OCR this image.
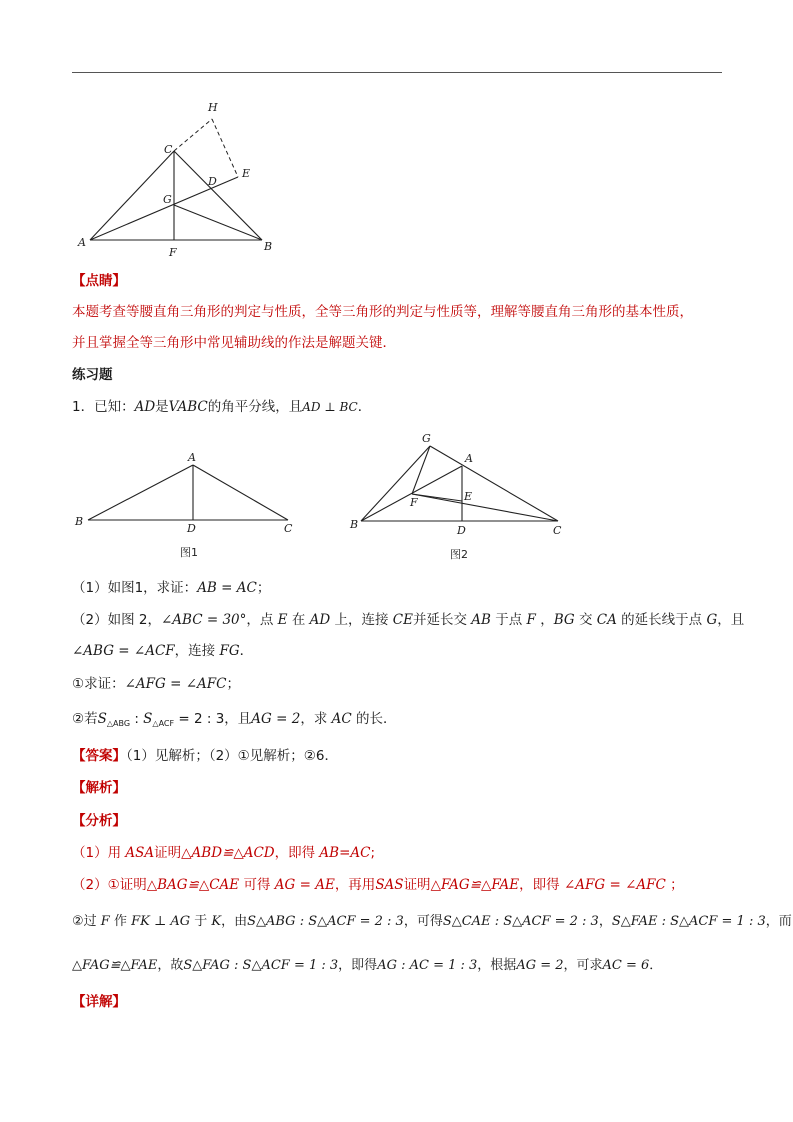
H
C
E
D
G
A
F	B
【点睛】
本题考查等腰直角三角形的判定与性质，全等三角形的判定与性质等，理解等腰直角三角形的基本性质，
并且掌握全等三角形中常见辅助线的作法是解题关键．
练习题
1．已知：AD是VABC的角平分线，且AD ⊥ BC．
A
B
C
D
图1
G
A
E
F
B	D	C
图2
（1）如图1，求证：AB = AC；
（2）如图 2，∠ABC = 30°，点 E 在 AD 上，连接 CE并延长交 AB 于点 F ，BG 交 CA 的延长线于点 G，且
∠ABG = ∠ACF，连接 FG．
①求证：∠AFG = ∠AFC；
②若$S_{\triangle ABG}$ : $S_{\triangle ACF} = 2$ : 3，且AG = 2，求 AC 的长．
【答案】（1）见解析；（2）①见解析；②6．
【解析】
【分析】
（1）用 ASA证明△ABD≌△ACD，即得 AB=AC;
（2）①证明△BAG≌△CAE 可得 AG = AE，再用SAS证明△FAG≌△FAE，即得 ∠AFG = ∠AFC ；
②过 F 作 FK ⊥ AG 于 K，由S△ABG : S△ACF = 2 : 3，可得S△CAE : S△ACF = 2 : 3，S△FAE : S△ACF = 1 : 3，而
△FAG≌△FAE，故S△FAG : S△ACF = 1 : 3，即得AG : AC = 1 : 3，根据AG = 2，可求AC = 6．
【详解】
